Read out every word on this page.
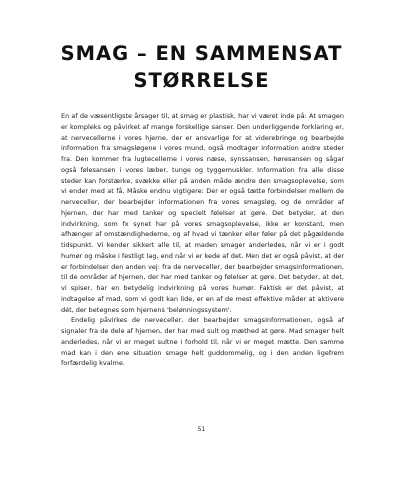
SMAG – EN SAMMENSAT
STØRRELSE

En af de væsentligste årsager til, at smag er plastisk, har vi været inde på: At smagen er kompleks og påvirket af mange forskellige sanser. Den underliggende forklaring er, at nervecellerne i vores hjerne, der er ansvarlige for at viderebringe og bearbejde information fra smagsløgene i vores mund, også modtager information andre steder fra. Den kommer fra lugtecellerne i vores næse, synssansen, høresansen og sågar også følesansen i vores læber, tunge og tyggemuskler. Information fra alle disse steder kan forstærke, svække eller på anden måde ændre den smagsoplevelse, som vi ender med at få. Måske endnu vigtigere: Der er også tætte forbindelser mellem de nerveceller, der bearbejder informationen fra vores smagsløg, og de områder af hjernen, der har med tanker og specielt følelser at gøre. Det betyder, at den indvirkning, som fx synet har på vores smagsoplevelse, ikke er konstant, men afhænger af omstændighederne, og af hvad vi tænker eller føler på det pågældende tidspunkt. Vi kender sikkert alle til, at maden smager anderledes, når vi er i godt humør og måske i festligt lag, end når vi er kede af det. Men det er også påvist, at der er forbindelser den anden vej: fra de nerveceller, der bearbejder smagsinformationen, til de områder af hjernen, der har med tanker og følelser at gøre. Det betyder, at det, vi spiser, har en betydelig indvirkning på vores humør. Faktisk er det påvist, at indtagelse af mad, som vi godt kan lide, er en af de mest effektive måder at aktivere dét, der betegnes som hjernens 'belønningssystem'.

Endelig påvirkes de nerveceller, der bearbejder smagsinformationen, også af signaler fra de dele af hjernen, der har med sult og mæthed at gøre. Mad smager helt anderledes, når vi er meget sultne i forhold til, når vi er meget mætte. Den samme mad kan i den ene situation smage helt guddommelig, og i den anden ligefrem forfærdelig kvalme.

51
